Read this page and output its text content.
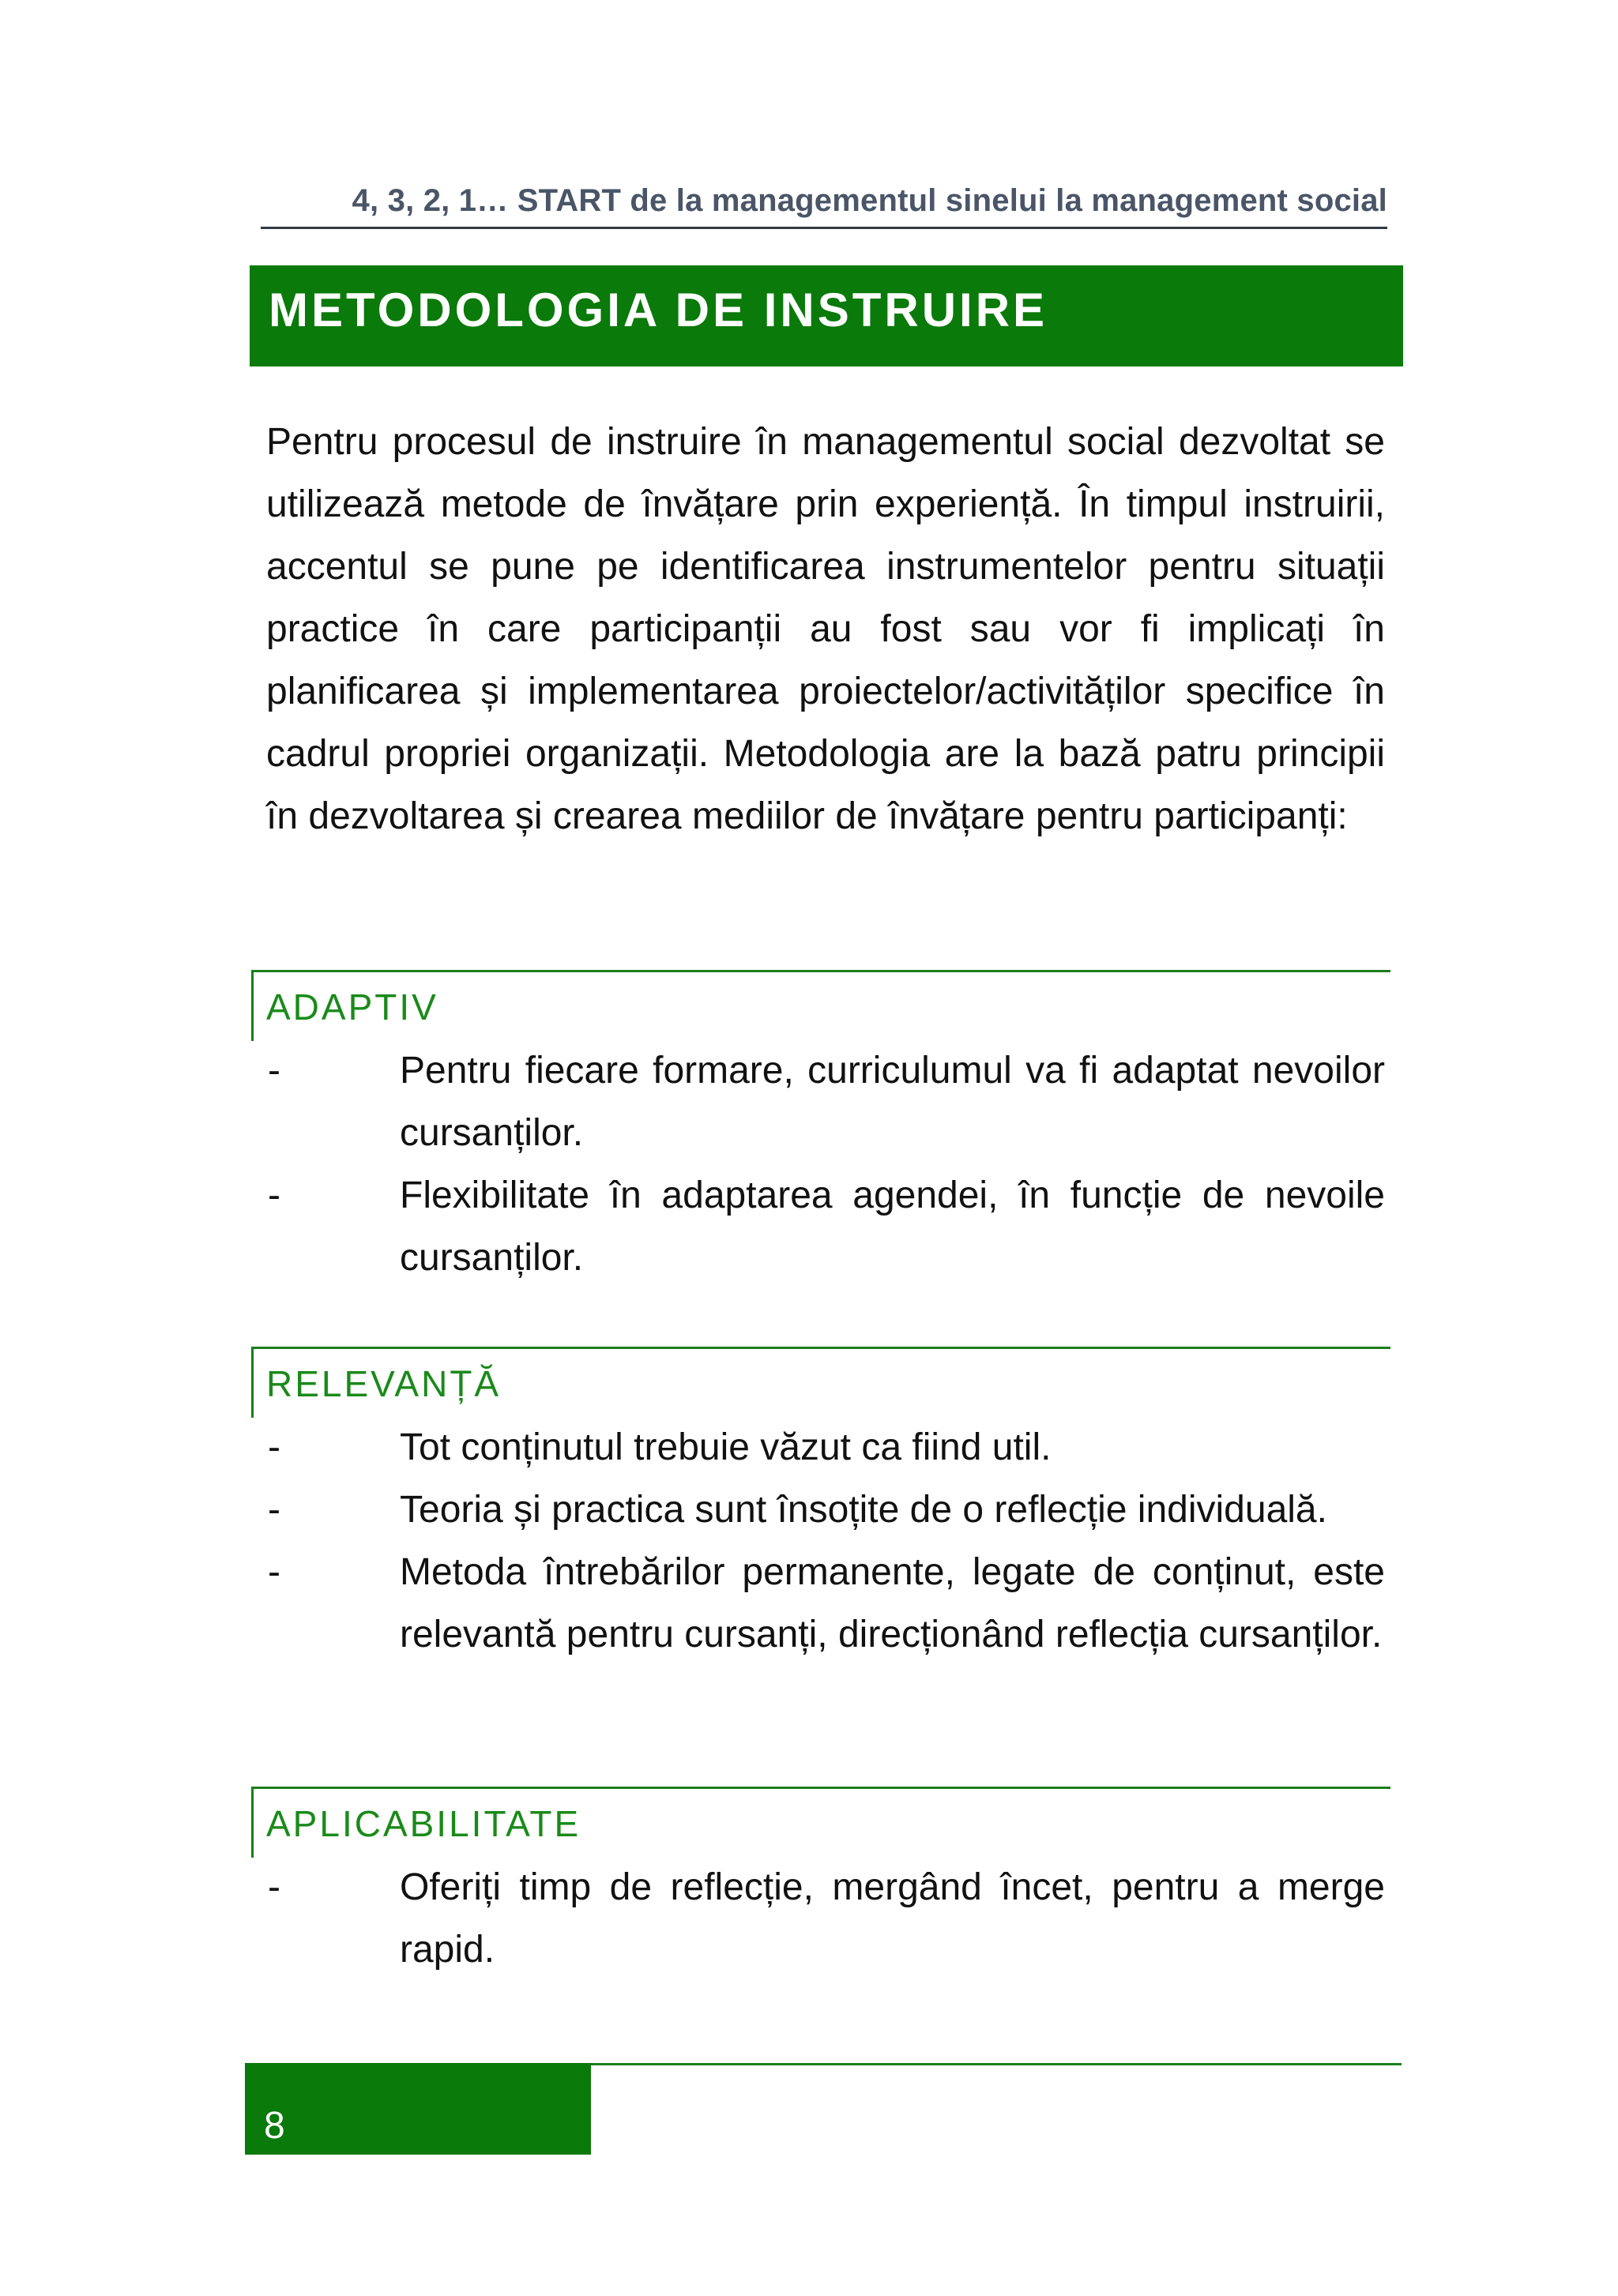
4, 3, 2, 1… START de la managementul sinelui la management social
METODOLOGIA DE INSTRUIRE

Pentru procesul de instruire în managementul social dezvoltat se utilizează metode de învățare prin experiență. În timpul instruirii, accentul se pune pe identificarea instrumentelor pentru situații practice în care participanții au fost sau vor fi implicați în planificarea și implementarea proiectelor/activităților specifice în cadrul propriei organizații. Metodologia are la bază patru principii în dezvoltarea și crearea mediilor de învățare pentru participanți:

ADAPTIV
-	Pentru fiecare formare, curriculumul va fi adaptat nevoilor cursanților.
-	Flexibilitate în adaptarea agendei, în funcție de nevoile cursanților.
RELEVANȚĂ
-	Tot conținutul trebuie văzut ca fiind util.
-	Teoria și practica sunt însoțite de o reflecție individuală.
-	Metoda întrebărilor permanente, legate de conținut, este relevantă pentru cursanți, direcționând reflecția cursanților.
APLICABILITATE
-	Oferiți timp de reflecție, mergând încet, pentru a merge rapid.
8
